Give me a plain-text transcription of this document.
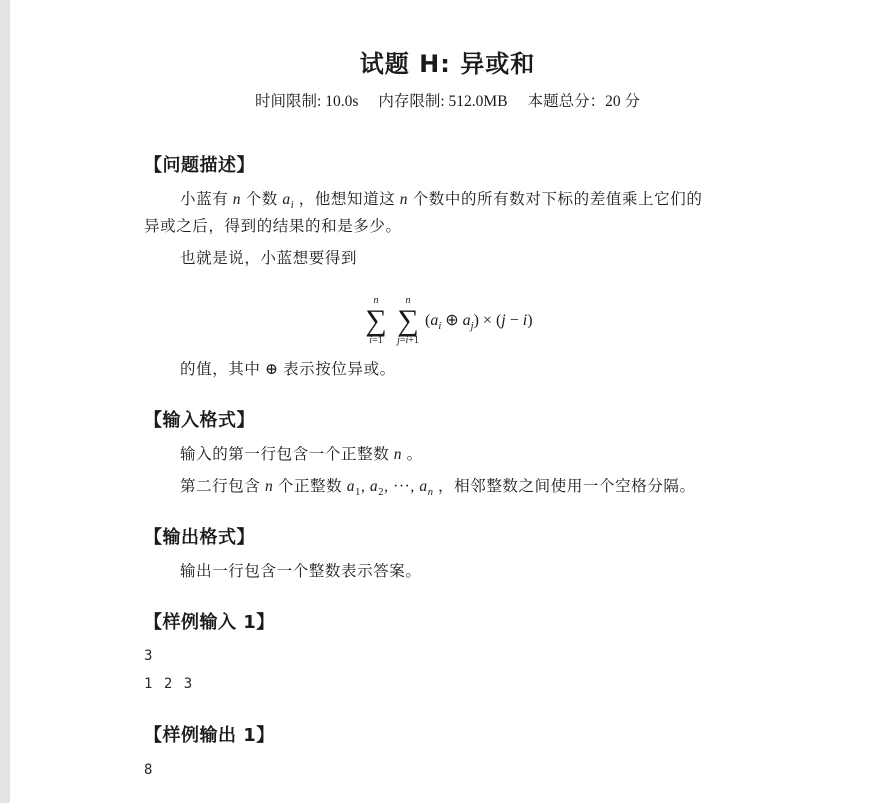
试题 H: 异或和
时间限制: 10.0s 内存限制: 512.0MB 本题总分：20 分
【问题描述】
小蓝有 n 个数 $a_i$ ，他想知道这 n 个数中的所有数对下标的差值乘上它们的
异或之后，得到的结果的和是多少。
也就是说，小蓝想要得到
n
∑
i=1
n
∑
j=i+1
($a_i$ ⊕ $a_j) \times (j - i)$
的值，其中 ⊕ 表示按位异或。
【输入格式】
输入的第一行包含一个正整数 n 。
第二行包含 n 个正整数 $a_1$, $a_2$, ···, $a_n$ ，相邻整数之间使用一个空格分隔。
【输出格式】
输出一行包含一个整数表示答案。
【样例输入 1】
3
1 2 3
【样例输出 1】
8
